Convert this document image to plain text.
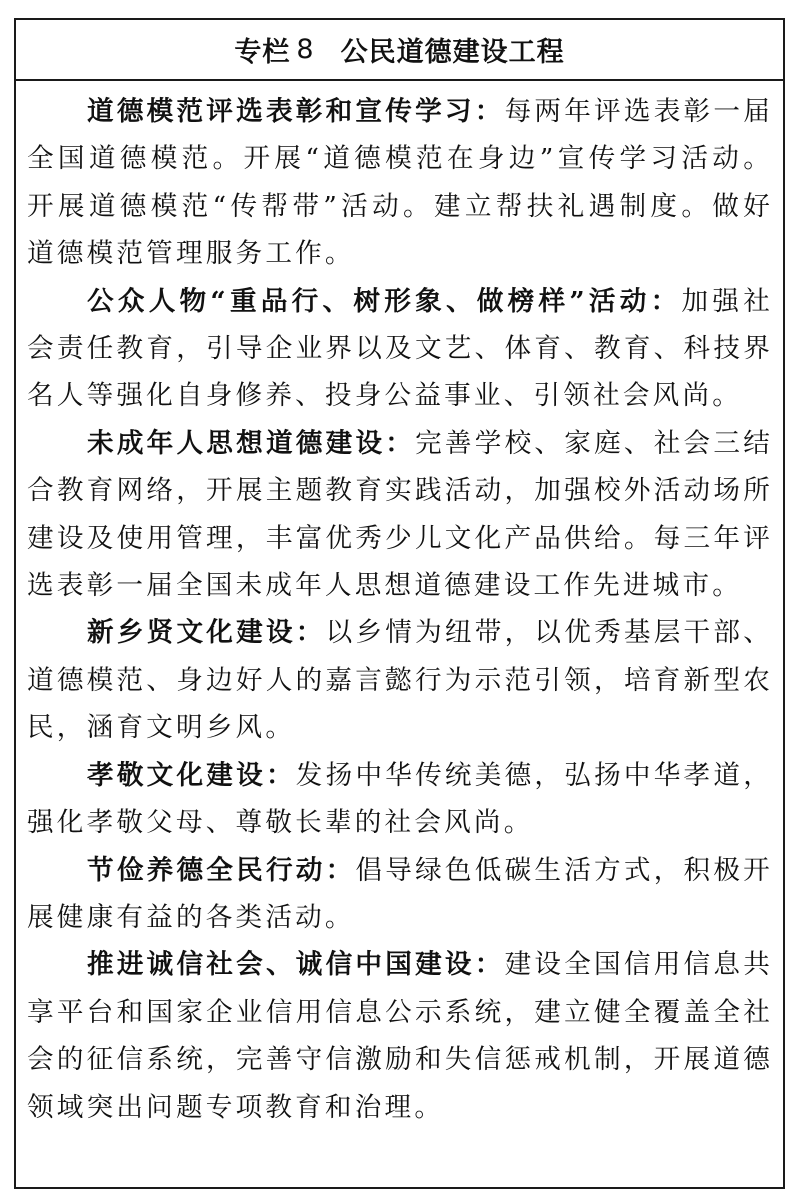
专栏 8 公民道德建设工程

道德模范评选表彰和宣传学习：每两年评选表彰一届全国道德模范。开展“道德模范在身边”宣传学习活动。开展道德模范“传帮带”活动。建立帮扶礼遇制度。做好道德模范管理服务工作。

公众人物“重品行、树形象、做榜样”活动：加强社会责任教育，引导企业界以及文艺、体育、教育、科技界名人等强化自身修养、投身公益事业、引领社会风尚。

未成年人思想道德建设：完善学校、家庭、社会三结合教育网络，开展主题教育实践活动，加强校外活动场所建设及使用管理，丰富优秀少儿文化产品供给。每三年评选表彰一届全国未成年人思想道德建设工作先进城市。

新乡贤文化建设：以乡情为纽带，以优秀基层干部、道德模范、身边好人的嘉言懿行为示范引领，培育新型农民，涵育文明乡风。

孝敬文化建设：发扬中华传统美德，弘扬中华孝道，强化孝敬父母、尊敬长辈的社会风尚。

节俭养德全民行动：倡导绿色低碳生活方式，积极开展健康有益的各类活动。

推进诚信社会、诚信中国建设：建设全国信用信息共享平台和国家企业信用信息公示系统，建立健全覆盖全社会的征信系统，完善守信激励和失信惩戒机制，开展道德领域突出问题专项教育和治理。
